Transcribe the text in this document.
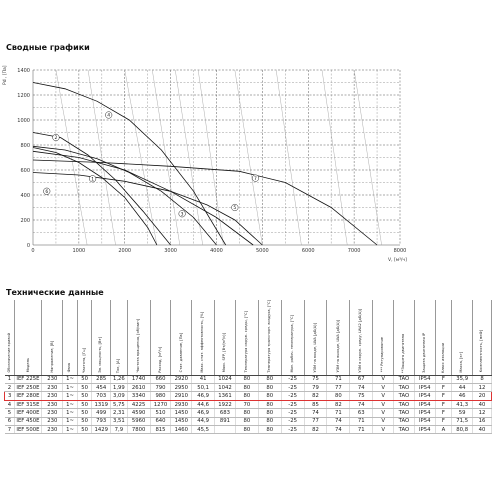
Сводные графики
1
2
3
4
5
6
7
0
200
400
600
800
1000
1200
1400
0	1000	2000	3000	4000	5000	6000	7000	8000
Pd , [Па]
V, [м³/ч]
Технические данные
Обозначение кривой	Модель	Напряжение, [В]	Фаза	Частота, [Гц]	Эл. мощность, [Вт]	Ток, [А]	Частота вращения, [об/мин]	Расход, [м³/ч]	Стат. давление, [Па]	Макс. стат. эффективность, [%]	Макс. SFP, [Вт/(м³/с)]	Температура окруж. среды, [°C]	Температура транспорт. воздуха, [°C]	Мин. рабоч. температура, [°C]	УЗМ на входе, LWA [дБ(А)]	УЗМ на выходе, LWA [дБ(А)]	УЗМ в окруж. среду, LWA2 [дБ(А)]	*** Регулирование	**Защита двигателя	Защита двигателя IP	Класс изоляции	Масса, [кг]	Комплектность, [мкФ]

1	IEF 225E	230	1~	50	285	1,26	1740	660	2920	41	1024	80	80	-25	75	71	67	V	TAO	IP54	F	35,9	8
2	IEF 250E	230	1~	50	454	1,99	2610	790	2950	50,1	1042	80	80	-25	79	77	74	V	TAO	IP54	F	44	12
3	IEF 280E	230	1~	50	703	3,09	3340	980	2910	46,9	1361	80	80	-25	82	80	75	V	TAO	IP54	F	46	20
4	IEF 315E	230	1~	50	1319	5,75	4225	1270	2930	44,6	1922	70	80	-25	85	82	74	V	TAO	IP54	F	41,3	40
5	IEF 400E	230	1~	50	499	2,31	4590	510	1450	46,9	683	80	80	-25	74	71	63	V	TAO	IP54	F	59	12
6	IEF 450E	230	1~	50	793	3,51	5960	640	1450	44,9	891	80	80	-25	77	74	71	V	TAO	IP54	F	71,5	16
7	IEF 500E	230	1~	50	1429	7,9	7800	815	1460	45,5		80	80	-25	82	74	71	V	TAO	IP54	A	80,8	40
